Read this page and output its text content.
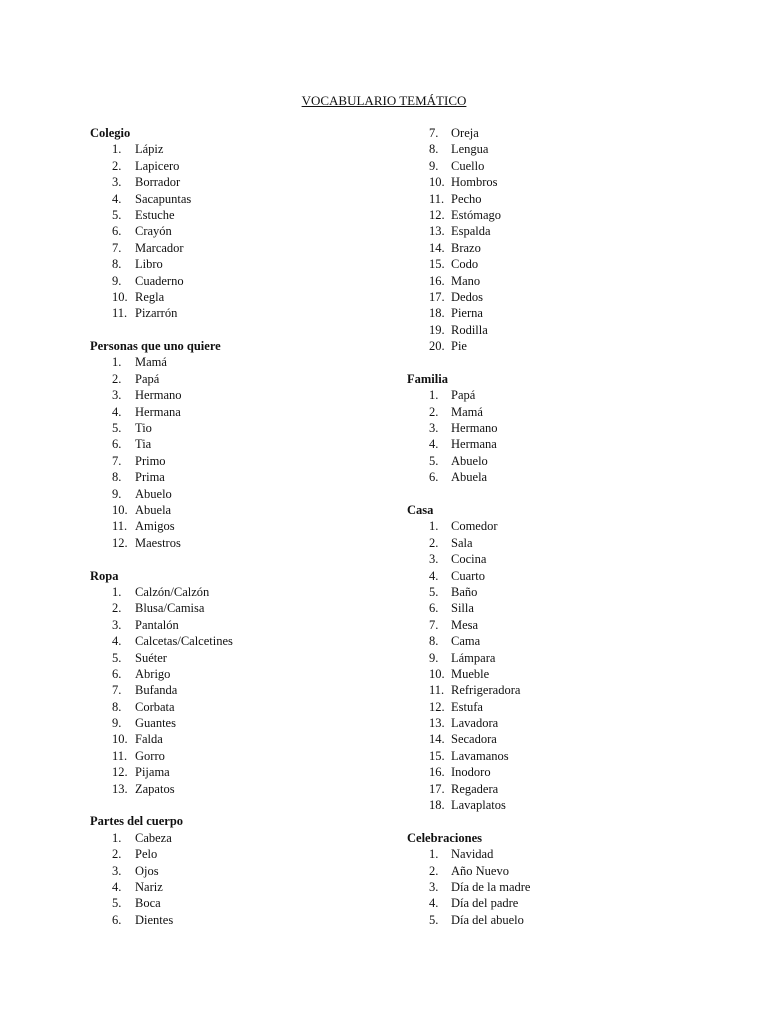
VOCABULARIO TEMÁTICO
Colegio
1. Lápiz
2. Lapicero
3. Borrador
4. Sacapuntas
5. Estuche
6. Crayón
7. Marcador
8. Libro
9. Cuaderno
10. Regla
11. Pizarrón
Personas que uno quiere
1. Mamá
2. Papá
3. Hermano
4. Hermana
5. Tio
6. Tia
7. Primo
8. Prima
9. Abuelo
10. Abuela
11. Amigos
12. Maestros
Ropa
1. Calzón/Calzón
2. Blusa/Camisa
3. Pantalón
4. Calcetas/Calcetines
5. Suéter
6. Abrigo
7. Bufanda
8. Corbata
9. Guantes
10. Falda
11. Gorro
12. Pijama
13. Zapatos
Partes del cuerpo
1. Cabeza
2. Pelo
3. Ojos
4. Nariz
5. Boca
6. Dientes
7. Oreja
8. Lengua
9. Cuello
10. Hombros
11. Pecho
12. Estómago
13. Espalda
14. Brazo
15. Codo
16. Mano
17. Dedos
18. Pierna
19. Rodilla
20. Pie
Familia
1. Papá
2. Mamá
3. Hermano
4. Hermana
5. Abuelo
6. Abuela
Casa
1. Comedor
2. Sala
3. Cocina
4. Cuarto
5. Baño
6. Silla
7. Mesa
8. Cama
9. Lámpara
10. Mueble
11. Refrigeradora
12. Estufa
13. Lavadora
14. Secadora
15. Lavamanos
16. Inodoro
17. Regadera
18. Lavaplatos
Celebraciones
1. Navidad
2. Año Nuevo
3. Día de la madre
4. Día del padre
5. Día del abuelo
